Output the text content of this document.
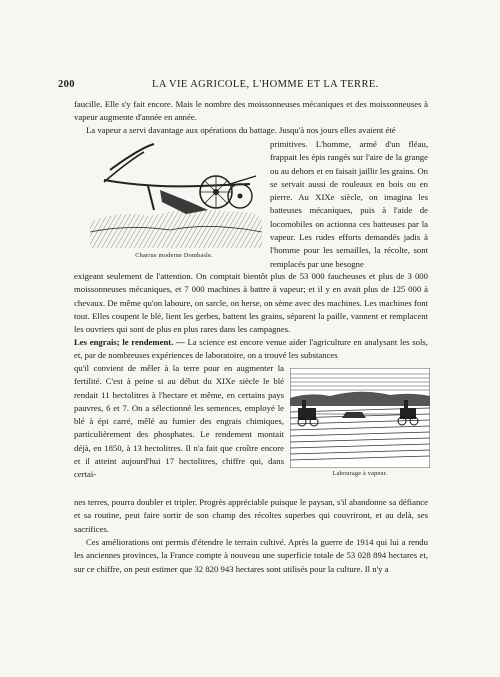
200	LA VIE AGRICOLE, L'HOMME ET LA TERRE.

faucille. Elle s'y fait encore. Mais le nombre des moissonneuses mécaniques et des moissonneuses à vapeur augmente d'année en année.

La vapeur a servi davantage aux opérations du battage. Jusqu'à nos jours elles avaient été

Charrue moderne Dombasle.

primitives. L'homme, armé d'un fléau, frappait les épis rangés sur l'aire de la grange ou au dehors et en faisait jaillir les grains. On se servait aussi de rouleaux en bois ou en pierre. Au XIXe siècle, on imagina les batteuses mécaniques, puis à l'aide de locomobiles on actionna ces batteuses par la vapeur. Les rudes efforts demandés jadis à l'homme pour les semailles, la récolte, sont remplacés par une besogne

exigeant seulement de l'attention. On comptait bientôt plus de 53 000 faucheuses et plus de 3 000 moissonneuses mécaniques, et 7 000 machines à battre à vapeur; et il y en avait plus de 125 000 à chevaux. De même qu'on laboure, on sarcle, on herse, on sème avec des machines. Les machines font tout. Elles coupent le blé, lient les gerbes, battent les grains, séparent la paille, vannent et remplacent les ouvriers qui sont de plus en plus rares dans les campagnes.

Les engrais; le rendement. — La science est encore venue aider l'agriculture en analysant les sols, et, par de nombreuses expériences de laboratoire, on a trouvé les substances

qu'il convient de mêler à la terre pour en augmenter la fertilité. C'est à peine si au début du XIXe siècle le blé rendait 11 hectolitres à l'hectare et même, en certains pays pauvres, 6 et 7. On a sélectionné les semences, employé le blé à épi carré, mêlé au fumier des engrais chimiques, particulièrement des phosphates. Le rendement montait déjà, en 1850, à 13 hectolitres. Il n'a fait que croître encore et il atteint aujourd'hui 17 hectolitres, chiffre qui, dans certai-	Labourage à vapeur.

nes terres, pourra doubler et tripler. Progrès appréciable puisque le paysan, s'il abandonne sa défiance et sa routine, peut faire sortir de son champ des récoltes superbes qui couvriront, et au delà, ses sacrifices.

Ces améliorations ont permis d'étendre le terrain cultivé. Après la guerre de 1914 qui lui a rendu les anciennes provinces, la France compte à nouveau une superficie totale de 53 028 894 hectares et, sur ce chiffre, on peut estimer que 32 820 943 hectares sont utilisés pour la culture. Il n'y a
